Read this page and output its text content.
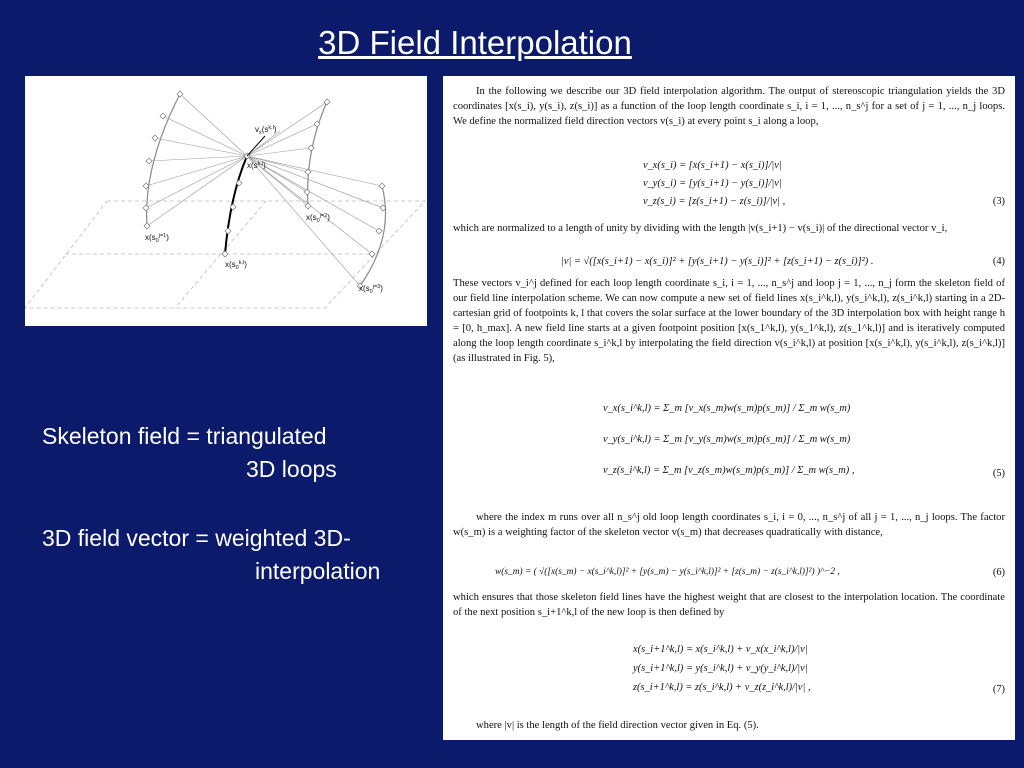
3D Field Interpolation
$v_x(s^{k,l})$
$x(s^{k,l})$
$x(s_0^{j=1})$
$x(s_0^{j=2})$
$x(s_0^{j=3})$
$x(s_0^{k,l})$
Skeleton field = triangulated
3D loops
3D field vector = weighted 3D-
interpolation
In the following we describe our 3D field interpolation algorithm. The output of stereoscopic triangulation yields the 3D coordinates [x(s_i), y(s_i), z(s_i)] as a function of the loop length coordinate s_i, i = 1, ..., n_s^j for a set of j = 1, ..., n_j loops. We define the normalized field direction vectors v(s_i) at every point s_i along a loop,
v_x(s_i) = [x(s_i+1) − x(s_i)]/|v|
v_y(s_i) = [y(s_i+1) − y(s_i)]/|v|
v_z(s_i) = [z(s_i+1) − z(s_i)]/|v| ,	(3)
which are normalized to a length of unity by dividing with the length |v(s_i+1) − v(s_i)| of the directional vector v_i,
|v| = √([x(s_i+1) − x(s_i)]² + [y(s_i+1) − y(s_i)]² + [z(s_i+1) − z(s_i)]²) .	(4)
These vectors v_i^j defined for each loop length coordinate s_i, i = 1, ..., n_s^j and loop j = 1, ..., n_j form the skeleton field of our field line interpolation scheme. We can now compute a new set of field lines x(s_i^k,l), y(s_i^k,l), z(s_i^k,l) starting in a 2D-cartesian grid of footpoints k, l that covers the solar surface at the lower boundary of the 3D interpolation box with height range h = [0, h_max]. A new field line starts at a given footpoint position [x(s_1^k,l), y(s_1^k,l), z(s_1^k,l)] and is iteratively computed along the loop length coordinate s_i^k,l by interpolating the field direction v(s_i^k,l) at position [x(s_i^k,l), y(s_i^k,l), z(s_i^k,l)] (as illustrated in Fig. 5),
v_x(s_i^k,l) = Σ_m [v_x(s_m)w(s_m)p(s_m)] / Σ_m w(s_m)
v_y(s_i^k,l) = Σ_m [v_y(s_m)w(s_m)p(s_m)] / Σ_m w(s_m)
v_z(s_i^k,l) = Σ_m [v_z(s_m)w(s_m)p(s_m)] / Σ_m w(s_m) ,	(5)
where the index m runs over all n_s^j old loop length coordinates s_i, i = 0, ..., n_s^j of all j = 1, ..., n_j loops. The factor w(s_m) is a weighting factor of the skeleton vector v(s_m) that decreases quadratically with distance,
w(s_m) = ( √([x(s_m) − x(s_i^k,l)]² + [y(s_m) − y(s_i^k,l)]² + [z(s_m) − z(s_i^k,l)]²) )^−2 ,	(6)
which ensures that those skeleton field lines have the highest weight that are closest to the interpolation location. The coordinate of the next position s_i+1^k,l of the new loop is then defined by
x(s_i+1^k,l) = x(s_i^k,l) + v_x(x_i^k,l)/|v|
y(s_i+1^k,l) = y(s_i^k,l) + v_y(y_i^k,l)/|v|
z(s_i+1^k,l) = z(s_i^k,l) + v_z(z_i^k,l)/|v| ,	(7)
where |v| is the length of the field direction vector given in Eq. (5).
